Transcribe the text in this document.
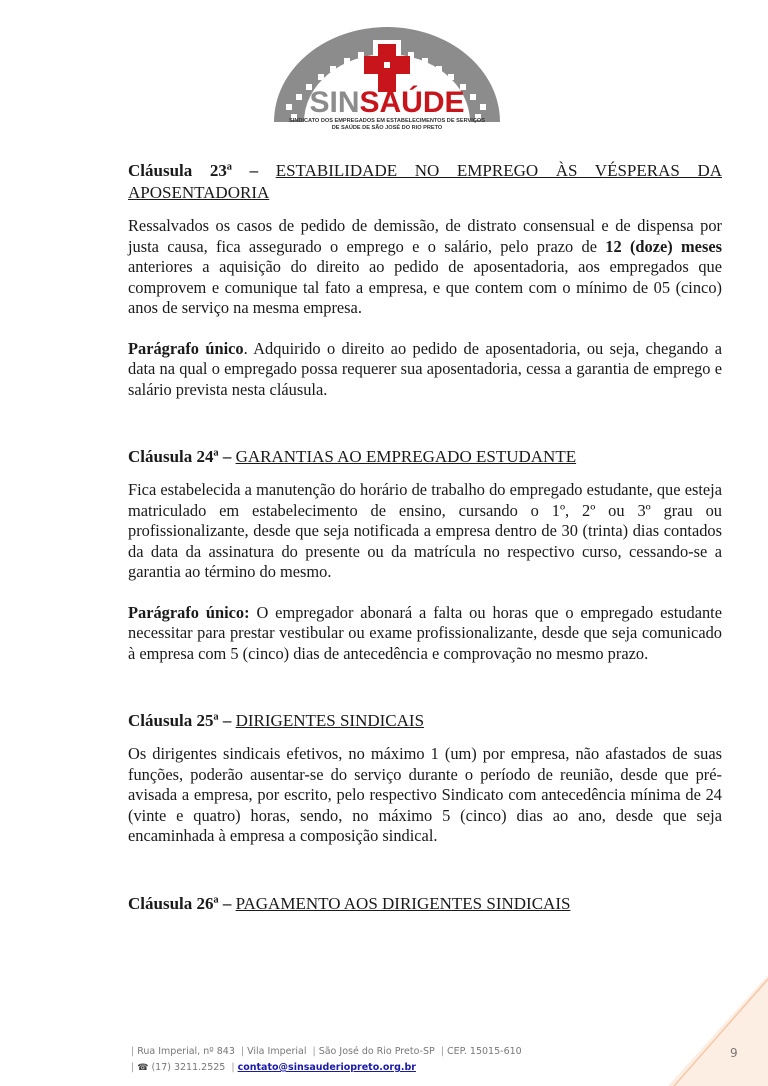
SINSAÚDE
SINDICATO DOS EMPREGADOS EM ESTABELECIMENTOS DE SERVIÇOS
DE SAÚDE DE SÃO JOSÉ DO RIO PRETO
Cláusula 23ª – ESTABILIDADE NO EMPREGO ÀS VÉSPERAS DA APOSENTADORIA

Ressalvados os casos de pedido de demissão, de distrato consensual e de dispensa por justa causa, fica assegurado o emprego e o salário, pelo prazo de 12 (doze) meses anteriores a aquisição do direito ao pedido de aposentadoria, aos empregados que comprovem e comunique tal fato a empresa, e que contem com o mínimo de 05 (cinco) anos de serviço na mesma empresa.

Parágrafo único. Adquirido o direito ao pedido de aposentadoria, ou seja, chegando a data na qual o empregado possa requerer sua aposentadoria, cessa a garantia de emprego e salário prevista nesta cláusula.

Cláusula 24ª – GARANTIAS AO EMPREGADO ESTUDANTE

Fica estabelecida a manutenção do horário de trabalho do empregado estudante, que esteja matriculado em estabelecimento de ensino, cursando o 1º, 2º ou 3º grau ou profissionalizante, desde que seja notificada a empresa dentro de 30 (trinta) dias contados da data da assinatura do presente ou da matrícula no respectivo curso, cessando-se a garantia ao término do mesmo.

Parágrafo único: O empregador abonará a falta ou horas que o empregado estudante necessitar para prestar vestibular ou exame profissionalizante, desde que seja comunicado à empresa com 5 (cinco) dias de antecedência e comprovação no mesmo prazo.

Cláusula 25ª – DIRIGENTES SINDICAIS

Os dirigentes sindicais efetivos, no máximo 1 (um) por empresa, não afastados de suas funções, poderão ausentar-se do serviço durante o período de reunião, desde que pré-avisada a empresa, por escrito, pelo respectivo Sindicato com antecedência mínima de 24 (vinte e quatro) horas, sendo, no máximo 5 (cinco) dias ao ano, desde que seja encaminhada à empresa a composição sindical.

Cláusula 26ª – PAGAMENTO AOS DIRIGENTES SINDICAIS
| Rua Imperial, nº 843 | Vila Imperial | São José do Rio Preto-SP | CEP. 15015-610
| ☎ (17) 3211.2525 | contato@sinsauderiopreto.org.br
9
